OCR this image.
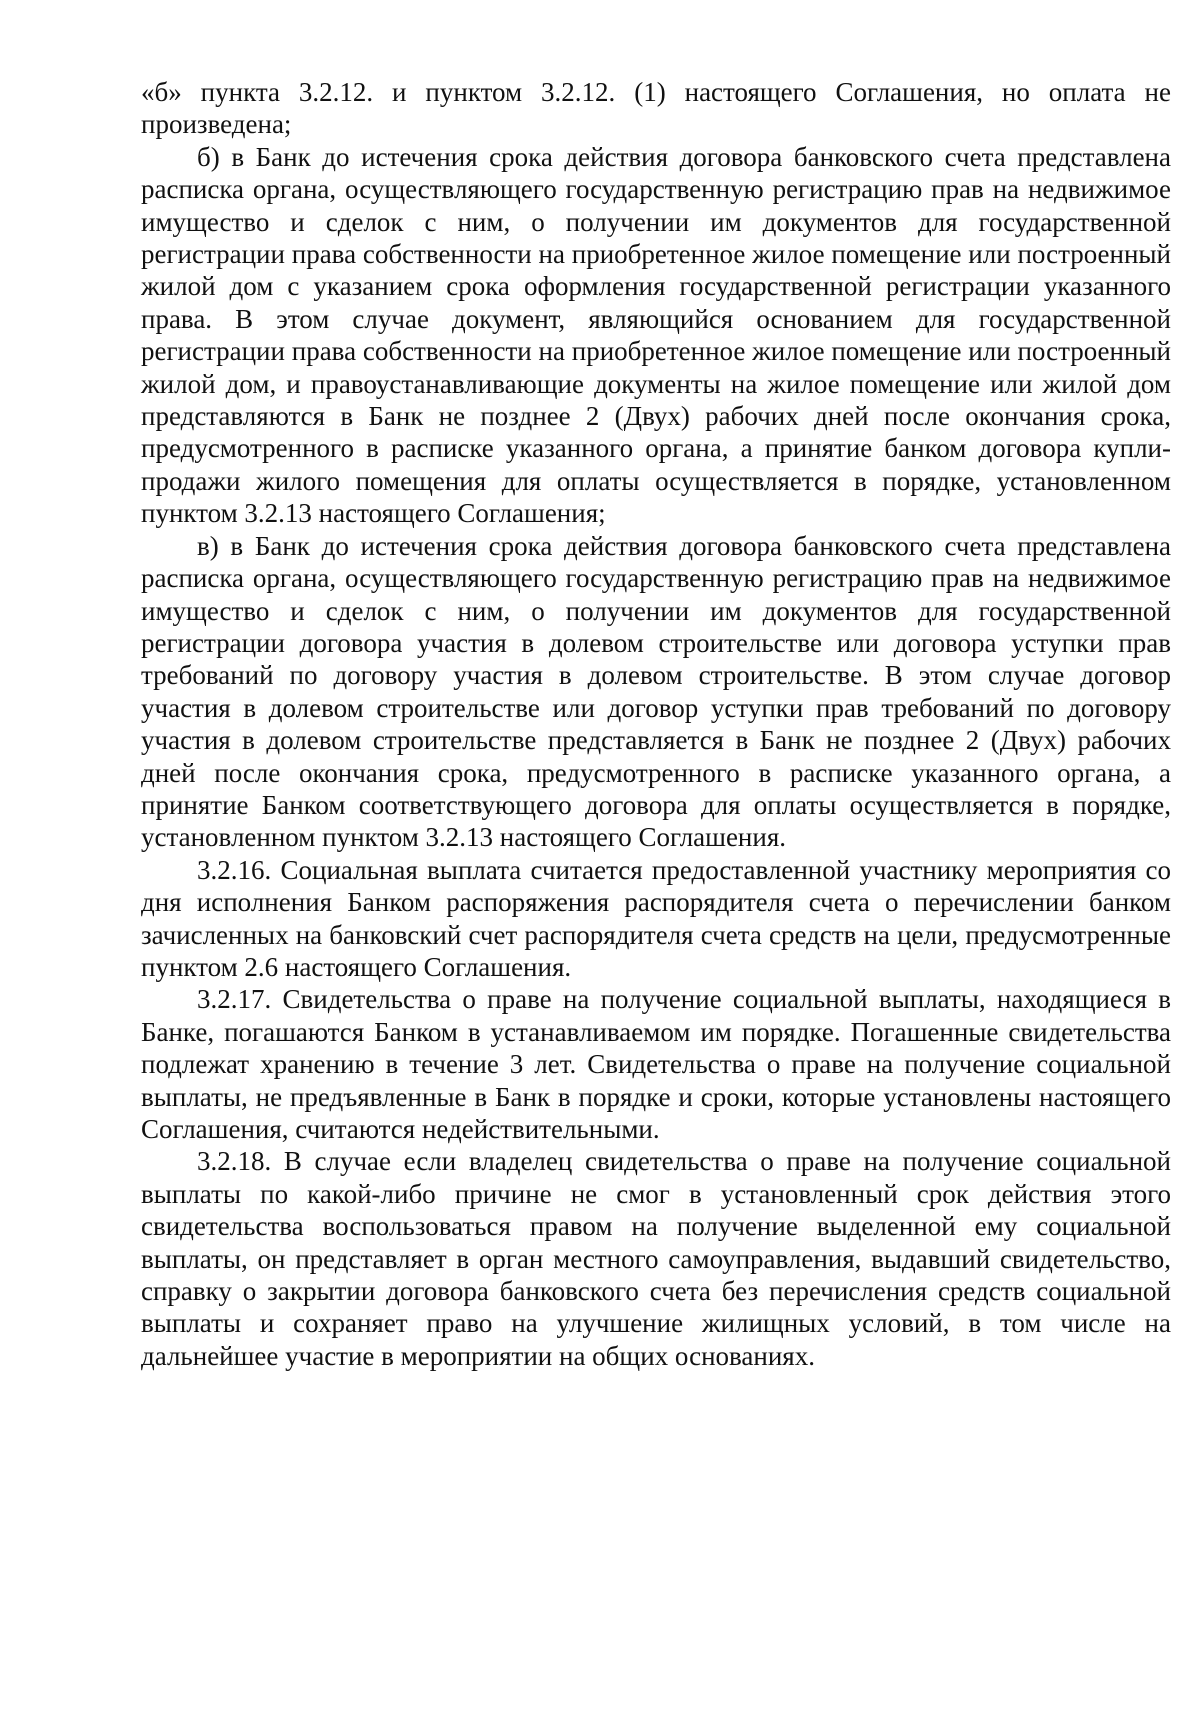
«б» пункта 3.2.12. и пунктом 3.2.12. (1) настоящего Соглашения, но оплата не произведена;

б) в Банк до истечения срока действия договора банковского счета представлена расписка органа, осуществляющего государственную регистрацию прав на недвижимое имущество и сделок с ним, о получении им документов для государственной регистрации права собственности на приобретенное жилое помещение или построенный жилой дом с указанием срока оформления государственной регистрации указанного права. В этом случае документ, являющийся основанием для государственной регистрации права собственности на приобретенное жилое помещение или построенный жилой дом, и правоустанавливающие документы на жилое помещение или жилой дом представляются в Банк не позднее 2 (Двух) рабочих дней после окончания срока, предусмотренного в расписке указанного органа, а принятие банком договора купли-продажи жилого помещения для оплаты осуществляется в порядке, установленном пунктом 3.2.13 настоящего Соглашения;

в) в Банк до истечения срока действия договора банковского счета представлена расписка органа, осуществляющего государственную регистрацию прав на недвижимое имущество и сделок с ним, о получении им документов для государственной регистрации договора участия в долевом строительстве или договора уступки прав требований по договору участия в долевом строительстве. В этом случае договор участия в долевом строительстве или договор уступки прав требований по договору участия в долевом строительстве представляется в Банк не позднее 2 (Двух) рабочих дней после окончания срока, предусмотренного в расписке указанного органа, а принятие Банком соответствующего договора для оплаты осуществляется в порядке, установленном пунктом 3.2.13 настоящего Соглашения.

3.2.16. Социальная выплата считается предоставленной участнику мероприятия со дня исполнения Банком распоряжения распорядителя счета о перечислении банком зачисленных на банковский счет распорядителя счета средств на цели, предусмотренные пунктом 2.6 настоящего Соглашения.

3.2.17. Свидетельства о праве на получение социальной выплаты, находящиеся в Банке, погашаются Банком в устанавливаемом им порядке. Погашенные свидетельства подлежат хранению в течение 3 лет. Свидетельства о праве на получение социальной выплаты, не предъявленные в Банк в порядке и сроки, которые установлены настоящего Соглашения, считаются недействительными.

3.2.18. В случае если владелец свидетельства о праве на получение социальной выплаты по какой-либо причине не смог в установленный срок действия этого свидетельства воспользоваться правом на получение выделенной ему социальной выплаты, он представляет в орган местного самоуправления, выдавший свидетельство, справку о закрытии договора банковского счета без перечисления средств социальной выплаты и сохраняет право на улучшение жилищных условий, в том числе на дальнейшее участие в мероприятии на общих основаниях.
